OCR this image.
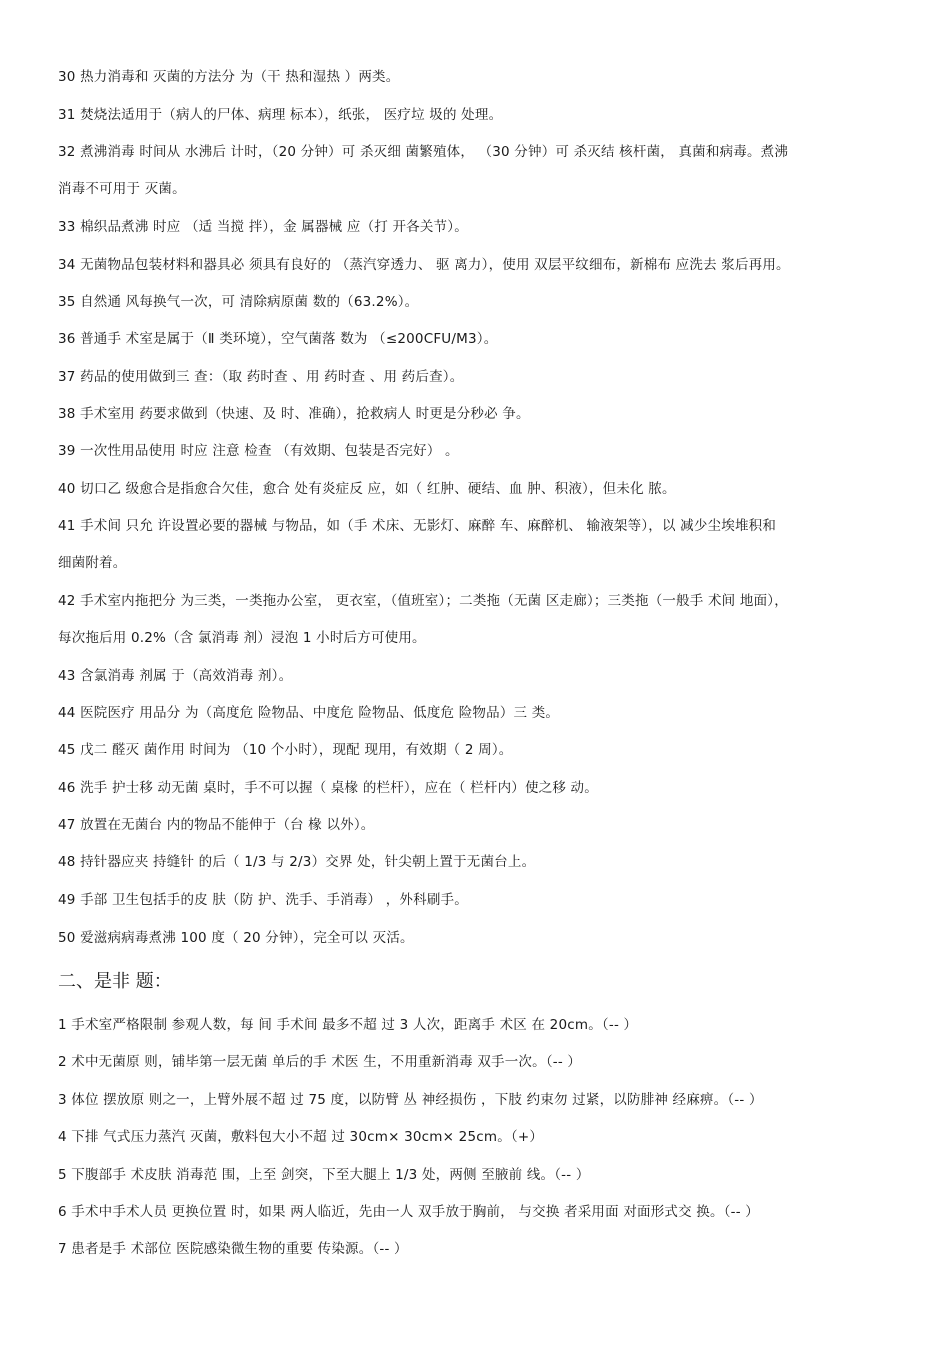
30 热力消毒和 灭菌的方法分 为（干 热和湿热 ）两类。
31 焚烧法适用于（病人的尸体、病理 标本），纸张， 医疗垃 圾的 处理。
32 煮沸消毒 时间从 水沸后 计时，（20 分钟）可 杀灭细 菌繁殖体， （30 分钟）可 杀灭结 核杆菌， 真菌和病毒。煮沸
消毒不可用于 灭菌。
33 棉织品煮沸 时应 （适 当搅 拌），金 属器械 应（打 开各关节）。
34 无菌物品包装材料和器具必 须具有良好的 （蒸汽穿透力、 驱 离力），使用 双层平纹细布，新棉布 应洗去 浆后再用。
35 自然通 风每换气一次，可 清除病原菌 数的（63.2%）。
36 普通手 术室是属于（Ⅱ 类环境），空气菌落 数为 （≤200CFU/M3）。
37 药品的使用做到三 查：（取 药时查 、用 药时查 、用 药后查）。
38 手术室用 药要求做到（快速、及 时、准确），抢救病人 时更是分秒必 争。
39 一次性用品使用 时应 注意 检查 （有效期、包装是否完好） 。
40 切口乙 级愈合是指愈合欠佳，愈合 处有炎症反 应，如（ 红肿、硬结、血 肿、积液），但未化 脓。
41 手术间 只允 许设置必要的器械 与物品，如（手 术床、无影灯、麻醉 车、麻醉机、 输液架等），以 减少尘埃堆积和
细菌附着。
42 手术室内拖把分 为三类，一类拖办公室， 更衣室，（值班室）；二类拖（无菌 区走廊）；三类拖（一般手 术间 地面），
每次拖后用 0.2%（含 氯消毒 剂）浸泡 1 小时后方可使用。
43 含氯消毒 剂属 于（高效消毒 剂）。
44 医院医疗 用品分 为（高度危 险物品、中度危 险物品、低度危 险物品）三 类。
45 戊二 醛灭 菌作用 时间为 （10 个小时），现配 现用，有效期（ 2 周）。
46 洗手 护士移 动无菌 桌时，手不可以握（ 桌椽 的栏杆），应在（ 栏杆内）使之移 动。
47 放置在无菌台 内的物品不能伸于（台 椽 以外）。
48 持针器应夹 持缝针 的后（ 1/3 与 2/3）交界 处，针尖朝上置于无菌台上。
49 手部 卫生包括手的皮 肤（防 护、洗手、手消毒） ，外科刷手。
50 爱滋病病毒煮沸 100 度（ 20 分钟），完全可以 灭活。
二、是非 题：
1 手术室严格限制 参观人数，每 间 手术间 最多不超 过 3 人次，距离手 术区 在 20cm。（-- ）
2 术中无菌原 则，铺毕第一层无菌 单后的手 术医 生，不用重新消毒 双手一次。（-- ）
3 体位 摆放原 则之一，上臂外展不超 过 75 度，以防臂 丛 神经损伤 ，下肢 约束勿 过紧，以防腓神 经麻痹。（-- ）
4 下排 气式压力蒸汽 灭菌，敷料包大小不超 过 30cm× 30cm× 25cm。（+）
5 下腹部手 术皮肤 消毒范 围，上至 剑突，下至大腿上 1/3 处，两侧 至腋前 线。（-- ）
6 手术中手术人员 更换位置 时，如果 两人临近，先由一人 双手放于胸前， 与交换 者采用面 对面形式交 换。（-- ）
7 患者是手 术部位 医院感染微生物的重要 传染源。（-- ）
